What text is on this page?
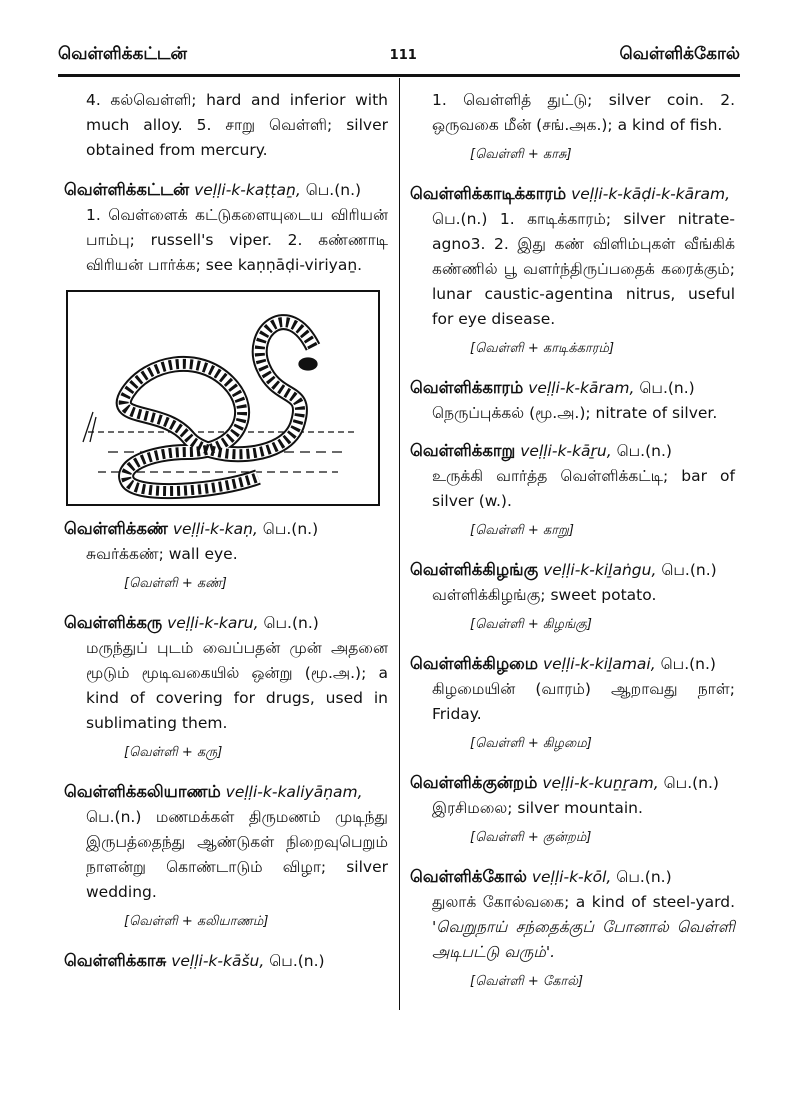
வெள்ளிக்கட்டன்	111	வெள்ளிக்கோல்
4. கல்வெள்ளி; hard and inferior with much alloy. 5. சாறு வெள்ளி; silver obtained from mercury.
வெள்ளிக்கட்டன் veḷḷi-k-kaṭṭaṉ, பெ.(n.)
1. வெள்ளைக் கட்டுகளையுடைய விரியன் பாம்பு; russell's viper. 2. கண்ணாடி விரியன் பார்க்க; see kaṇṇāḍi-viriyaṉ.
வெள்ளிக்கண் veḷḷi-k-kaṇ, பெ.(n.)
சுவர்க்கண்; wall eye.
[வெள்ளி + கண்]
வெள்ளிக்கரு veḷḷi-k-karu, பெ.(n.)
மருந்துப் புடம் வைப்பதன் முன் அதனை மூடும் மூடிவகையில் ஒன்று (மூ.அ.); a kind of covering for drugs, used in sublimating them.
[வெள்ளி + கரு]
வெள்ளிக்கலியாணம் veḷḷi-k-kaliyāṇam,
பெ.(n.) மணமக்கள் திருமணம் முடிந்து இருபத்தைந்து ஆண்டுகள் நிறைவுபெறும் நாளன்று கொண்டாடும் விழா; silver wedding.
[வெள்ளி + கலியாணம்]
வெள்ளிக்காசு veḷḷi-k-kāšu, பெ.(n.)
1. வெள்ளித் துட்டு; silver coin. 2. ஒருவகை மீன் (சங்.அக.); a kind of fish.
[வெள்ளி + காசு]
வெள்ளிக்காடிக்காரம் veḷḷi-k-kāḍi-k-kāram,
பெ.(n.) 1. காடிக்காரம்; silver nitrate-agno3. 2. இது கண் விளிம்புகள் வீங்கிக் கண்ணில் பூ வளர்ந்திருப்பதைக் கரைக்கும்; lunar caustic-agentina nitrus, useful for eye disease.
[வெள்ளி + காடிக்காரம்]
வெள்ளிக்காரம் veḷḷi-k-kāram, பெ.(n.)
நெருப்புக்கல் (மூ.அ.); nitrate of silver.
வெள்ளிக்காறு veḷḷi-k-kāṟu, பெ.(n.)
உருக்கி வார்த்த வெள்ளிக்கட்டி; bar of silver (w.).
[வெள்ளி + காறு]
வெள்ளிக்கிழங்கு veḷḷi-k-kiḻaṅgu, பெ.(n.)
வள்ளிக்கிழங்கு; sweet potato.
[வெள்ளி + கிழங்கு]
வெள்ளிக்கிழமை veḷḷi-k-kiḻamai, பெ.(n.)
கிழமையின் (வாரம்) ஆறாவது நாள்; Friday.
[வெள்ளி + கிழமை]
வெள்ளிக்குன்றம் veḷḷi-k-kuṉṟam, பெ.(n.)
இரசிமலை; silver mountain.
[வெள்ளி + குன்றம்]
வெள்ளிக்கோல் veḷḷi-k-kōl, பெ.(n.)
துலாக் கோல்வகை; a kind of steel-yard. 'வெறுநாய் சந்தைக்குப் போனால் வெள்ளி அடிபட்டு வரும்'.
[வெள்ளி + கோல்]
